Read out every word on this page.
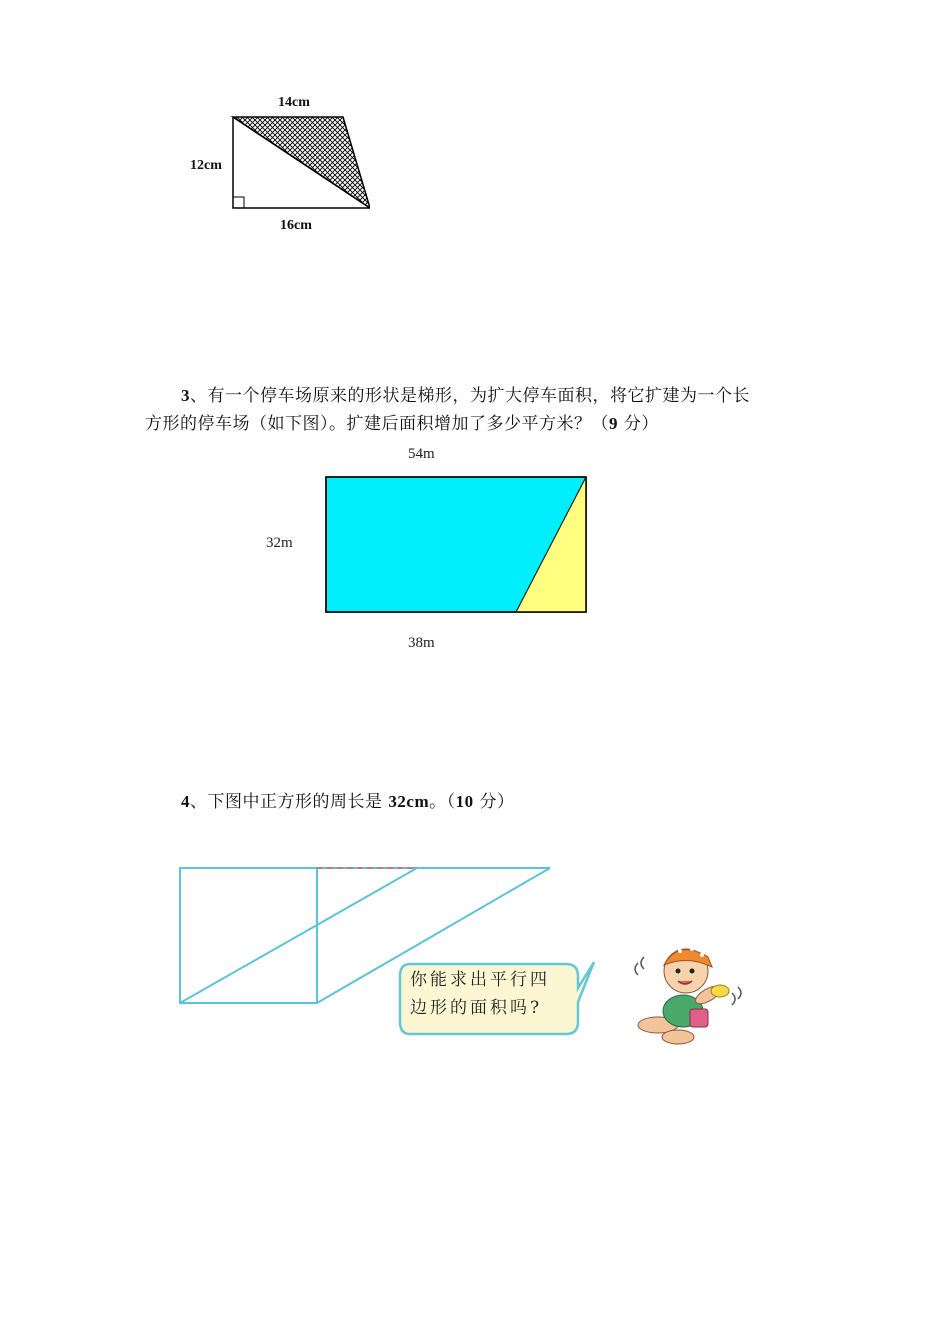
14cm
12cm
16cm
3、有一个停车场原来的形状是梯形，为扩大停车面积，将它扩建为一个长
方形的停车场（如下图）。扩建后面积增加了多少平方米？（9 分）
54m
32m
38m
4、下图中正方形的周长是 32cm。（10 分）
你能求出平行四
边形的面积吗?
